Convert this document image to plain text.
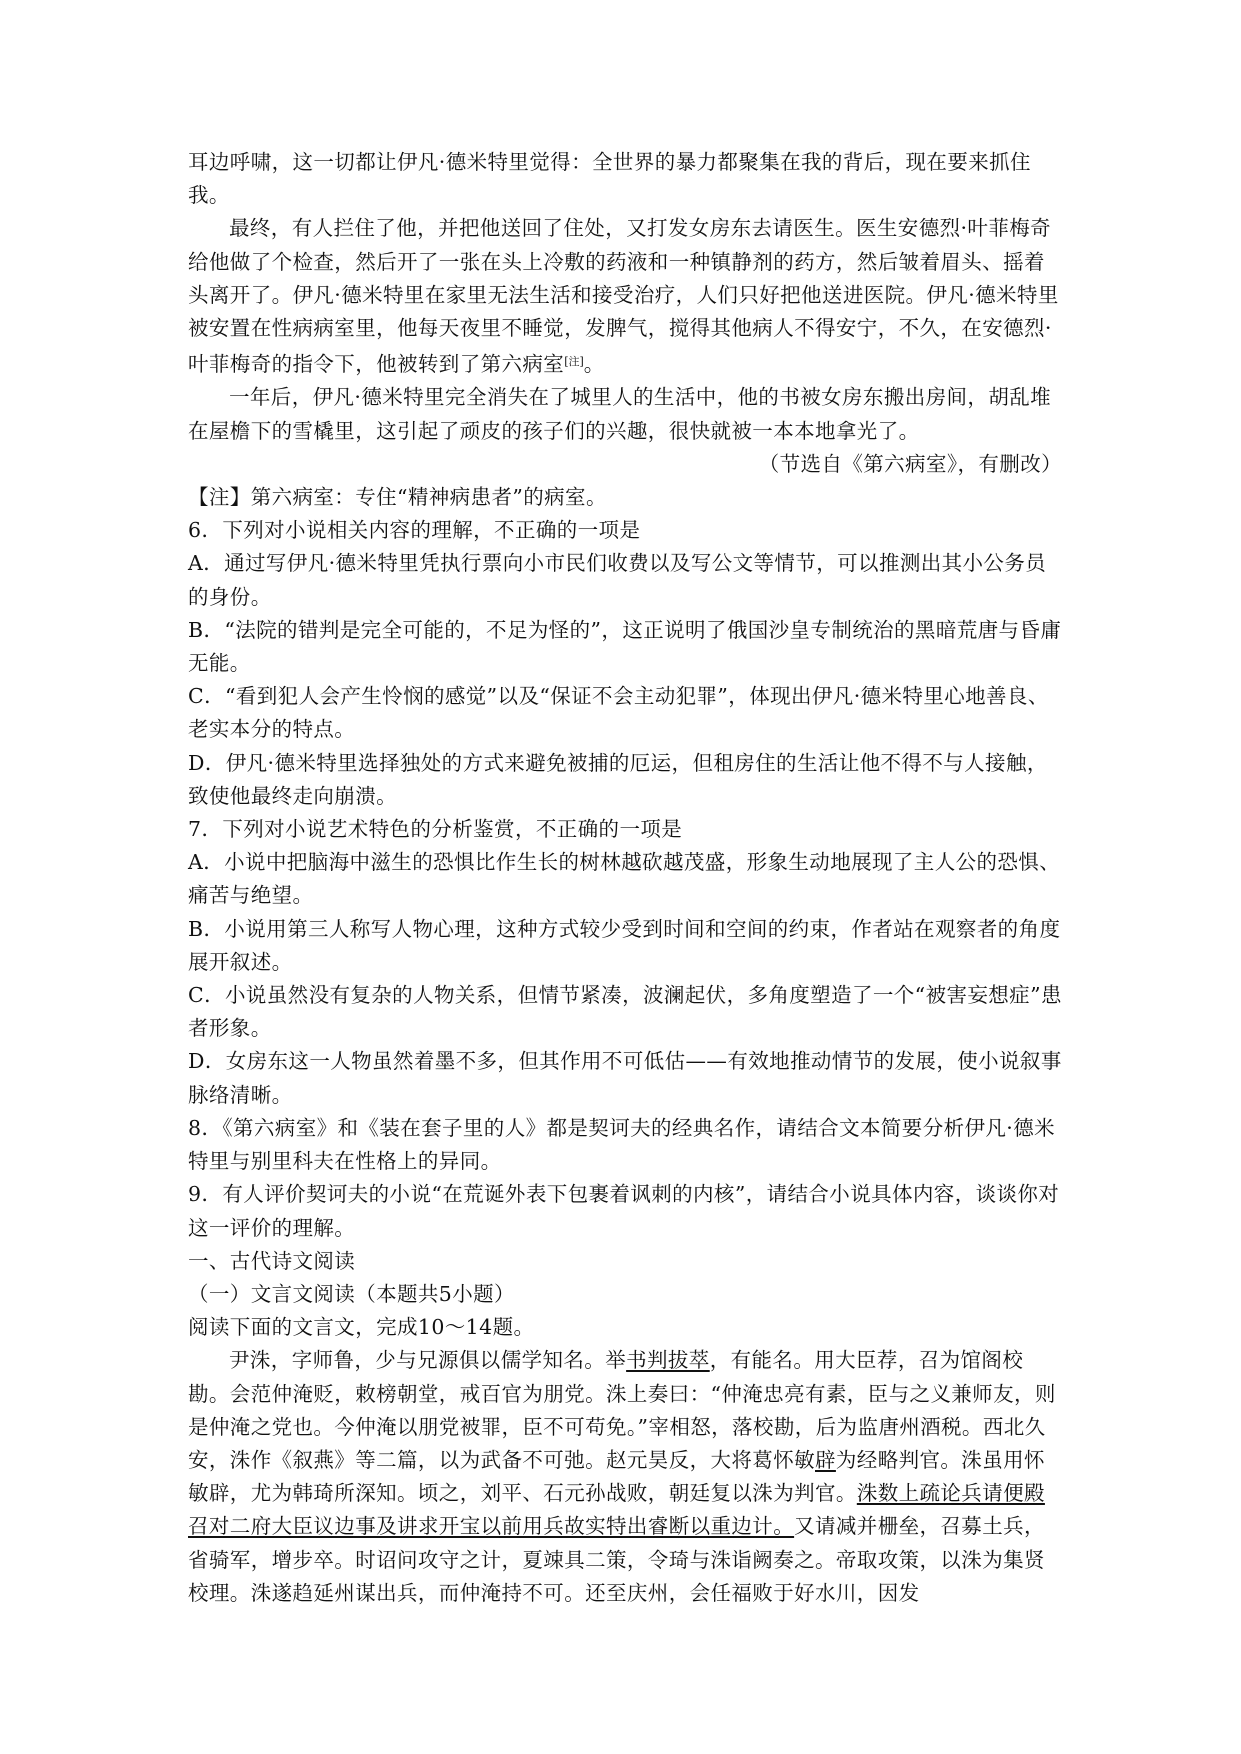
耳边呼啸，这一切都让伊凡·德米特里觉得：全世界的暴力都聚集在我的背后，现在要来抓住我。

最终，有人拦住了他，并把他送回了住处，又打发女房东去请医生。医生安德烈·叶菲梅奇给他做了个检查，然后开了一张在头上冷敷的药液和一种镇静剂的药方，然后皱着眉头、摇着头离开了。伊凡·德米特里在家里无法生活和接受治疗，人们只好把他送进医院。伊凡·德米特里被安置在性病病室里，他每天夜里不睡觉，发脾气，搅得其他病人不得安宁，不久，在安德烈·叶菲梅奇的指令下，他被转到了第六病室[注]。

一年后，伊凡·德米特里完全消失在了城里人的生活中，他的书被女房东搬出房间，胡乱堆在屋檐下的雪橇里，这引起了顽皮的孩子们的兴趣，很快就被一本本地拿光了。

（节选自《第六病室》，有删改）

【注】第六病室：专住“精神病患者”的病室。

6．下列对小说相关内容的理解，不正确的一项是

A．通过写伊凡·德米特里凭执行票向小市民们收费以及写公文等情节，可以推测出其小公务员的身份。

B．“法院的错判是完全可能的，不足为怪的”，这正说明了俄国沙皇专制统治的黑暗荒唐与昏庸无能。

C．“看到犯人会产生怜悯的感觉”以及“保证不会主动犯罪”，体现出伊凡·德米特里心地善良、老实本分的特点。

D．伊凡·德米特里选择独处的方式来避免被捕的厄运，但租房住的生活让他不得不与人接触，致使他最终走向崩溃。

7．下列对小说艺术特色的分析鉴赏，不正确的一项是

A．小说中把脑海中滋生的恐惧比作生长的树林越砍越茂盛，形象生动地展现了主人公的恐惧、痛苦与绝望。

B．小说用第三人称写人物心理，这种方式较少受到时间和空间的约束，作者站在观察者的角度展开叙述。

C．小说虽然没有复杂的人物关系，但情节紧凑，波澜起伏，多角度塑造了一个“被害妄想症”患者形象。

D．女房东这一人物虽然着墨不多，但其作用不可低估——有效地推动情节的发展，使小说叙事脉络清晰。

8．《第六病室》和《装在套子里的人》都是契诃夫的经典名作，请结合文本简要分析伊凡·德米特里与别里科夫在性格上的异同。

9．有人评价契诃夫的小说“在荒诞外表下包裹着讽刺的内核”，请结合小说具体内容，谈谈你对这一评价的理解。

一、古代诗文阅读

（一）文言文阅读（本题共5小题）

阅读下面的文言文，完成10～14题。

尹洙，字师鲁，少与兄源俱以儒学知名。举书判拔萃，有能名。用大臣荐，召为馆阁校勘。会范仲淹贬，敕榜朝堂，戒百官为朋党。洙上奏曰：“仲淹忠亮有素，臣与之义兼师友，则是仲淹之党也。今仲淹以朋党被罪，臣不可苟免。”宰相怒，落校勘，后为监唐州酒税。西北久安，洙作《叙燕》等二篇，以为武备不可弛。赵元昊反，大将葛怀敏辟为经略判官。洙虽用怀敏辟，尤为韩琦所深知。顷之，刘平、石元孙战败，朝廷复以洙为判官。洙数上疏论兵请便殿召对二府大臣议边事及讲求开宝以前用兵故实特出睿断以重边计。又请减并栅垒，召募土兵，省骑军，增步卒。时诏问攻守之计，夏竦具二策，令琦与洙诣阙奏之。帝取攻策，以洙为集贤校理。洙遂趋延州谋出兵，而仲淹持不可。还至庆州，会任福败于好水川，因发
